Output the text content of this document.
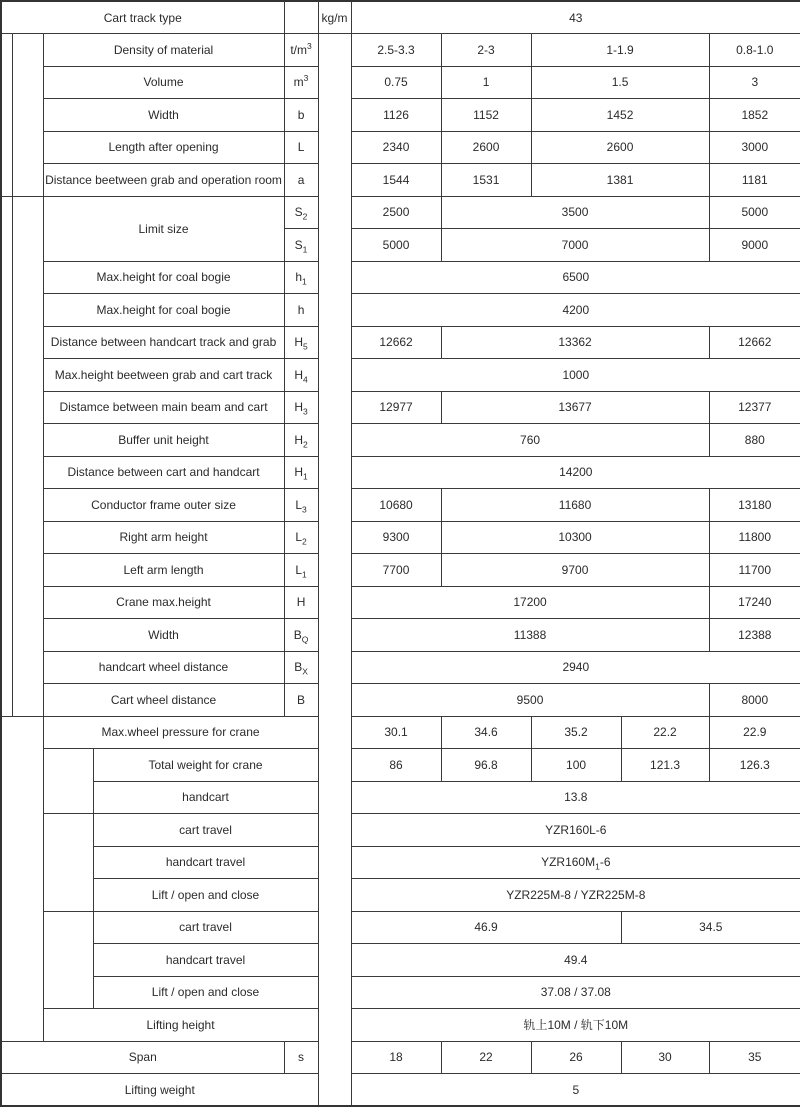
Cart track type					kg/m	43				
		Density of material		$t/m^3$		2.5-3.3	2-3	1-1.9		0.8-1.0
		Volume		$m^3$		0.75	1	1.5		3
		Width		b		1126	1152	1452		1852
		Length after opening		L		2340	2600	2600		3000
		Distance beetween grab and operation room		a		1544	1531	1381		1181
		Limit size		$S_2$		2500	3500			5000
				$S_1$		5000	7000			9000
		Max.height for coal bogie		$h_1$		6500				
		Max.height for coal bogie		h		4200				
		Distance between handcart track and grab		$H_5$		12662	13362			12662
		Max.height beetween grab and cart track		$H_4$		1000				
		Distamce between main beam and cart		$H_3$		12977	13677			12377
		Buffer unit height		$H_2$		760				880
		Distance between cart and handcart		$H_1$		14200				
		Conductor frame outer size		$L_3$		10680	11680			13180
		Right arm height		$L_2$		9300	10300			11800
		Left arm length		$L_1$		7700	9700			11700
		Crane max.height		H		17200				17240
		Width		$B_Q$		11388				12388
		handcart wheel distance		$B_X$		2940				
		Cart wheel distance		B		9500				8000
		Max.wheel pressure for crane				30.1	34.6	35.2	22.2	22.9
			Total weight for crane			86	96.8	100	121.3	126.3
			handcart			13.8				
			cart travel			YZR160L-6				
			handcart travel			$YZR160M_1-6$				
			Lift / open and close			YZR225M-8 / YZR225M-8				
			cart travel			46.9			34.5	
			handcart travel			49.4				
			Lift / open and close			37.08 / 37.08				
		Lifting height				轨上10M / 轨下10M				
Span				s		18	22	26	30	35
Lifting weight						5				
